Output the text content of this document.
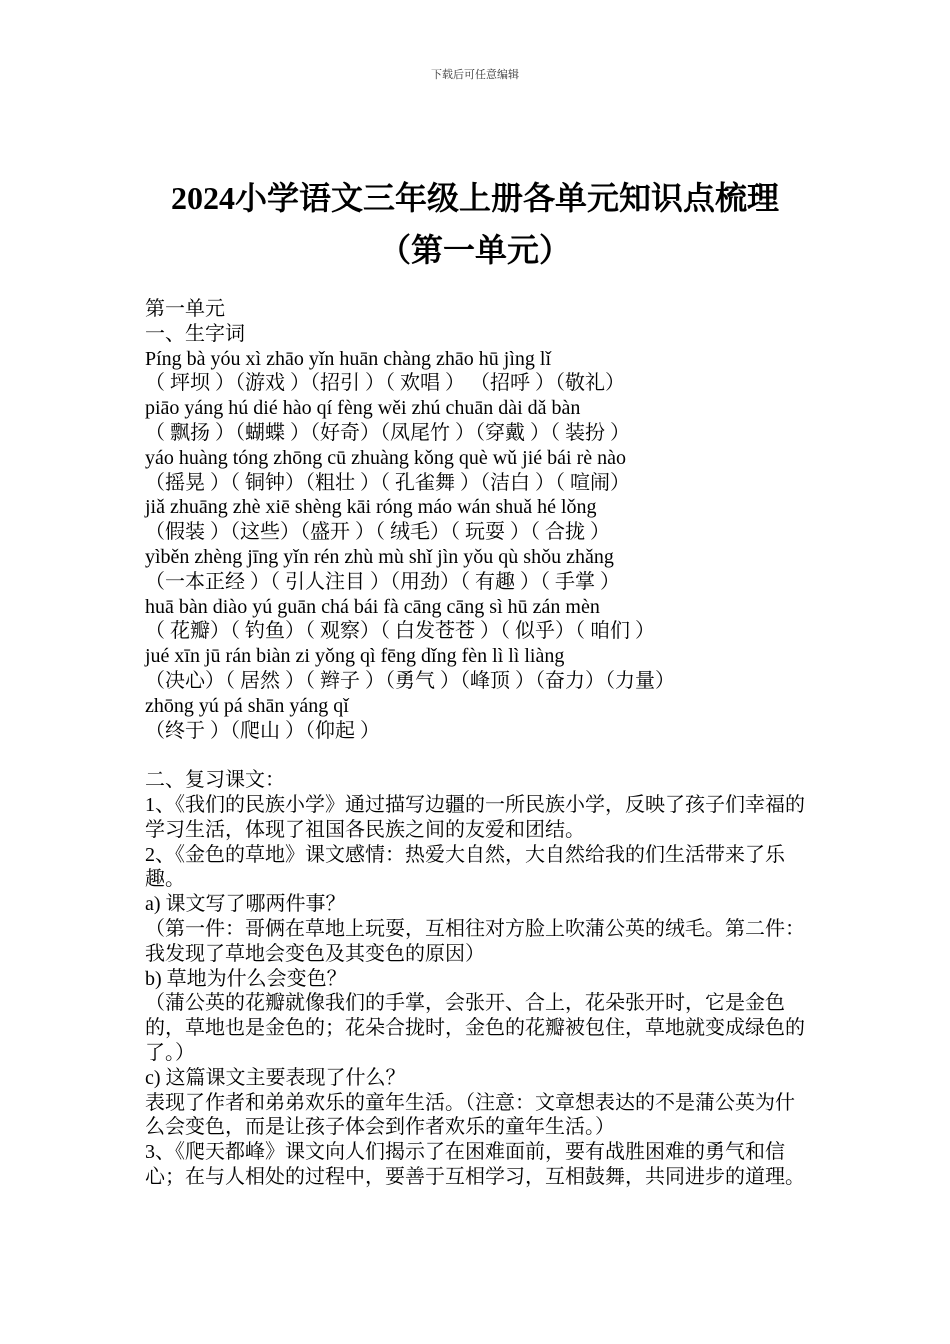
下载后可任意编辑
2024小学语文三年级上册各单元知识点梳理（第一单元）
第一单元
一、生字词
Píng bà yóu xì zhāo yǐn huān chàng zhāo hū jìng lǐ
（ 坪坝 ）（游戏 ）（招引 ）（ 欢唱 ） （招呼 ）（敬礼）
piāo yáng hú dié hào qí fèng wěi zhú chuān dài dǎ bàn
（ 飘扬 ）（蝴蝶 ）（好奇）（凤尾竹 ）（穿戴 ）（ 装扮 ）
yáo huàng tóng zhōng cū zhuàng kǒng què wǔ jié bái rè nào
（摇晃 ）（ 铜钟）（粗壮 ）（ 孔雀舞 ）（洁白 ）（ 喧闹）
jiǎ zhuāng zhè xiē shèng kāi róng máo wán shuǎ hé lǒng
（假装 ）（这些）（盛开 ）（ 绒毛）（ 玩耍 ）（ 合拢 ）
yìběn zhèng jīng yǐn rén zhù mù shǐ jìn yǒu qù shǒu zhǎng
（一本正经 ）（ 引人注目 ）（用劲）（ 有趣 ）（ 手掌 ）
huā bàn diào yú guān chá bái fà cāng cāng sì hū zán mèn
（ 花瓣）（ 钓鱼）（ 观察）（ 白发苍苍 ）（ 似乎）（ 咱们 ）
jué xīn jū rán biàn zi yǒng qì fēng dǐng fèn lì lì liàng
（决心）（ 居然 ）（ 辫子 ）（勇气 ）（峰顶 ）（奋力）（力量）
zhōng yú pá shān yáng qǐ
（终于 ）（爬山 ）（仰起 ）
二、复习课文：
1、《我们的民族小学》通过描写边疆的一所民族小学，反映了孩子们幸福的学习生活，体现了祖国各民族之间的友爱和团结。
2、《金色的草地》课文感情：热爱大自然，大自然给我的们生活带来了乐趣。
a) 课文写了哪两件事？
（第一件：哥俩在草地上玩耍，互相往对方脸上吹蒲公英的绒毛。第二件：我发现了草地会变色及其变色的原因）
b) 草地为什么会变色？
（蒲公英的花瓣就像我们的手掌，会张开、合上，花朵张开时，它是金色的，草地也是金色的；花朵合拢时，金色的花瓣被包住，草地就变成绿色的了。）
c) 这篇课文主要表现了什么？
表现了作者和弟弟欢乐的童年生活。（注意：文章想表达的不是蒲公英为什么会变色，而是让孩子体会到作者欢乐的童年生活。）
3、《爬天都峰》课文向人们揭示了在困难面前，要有战胜困难的勇气和信心；在与人相处的过程中，要善于互相学习，互相鼓舞，共同进步的道理。
